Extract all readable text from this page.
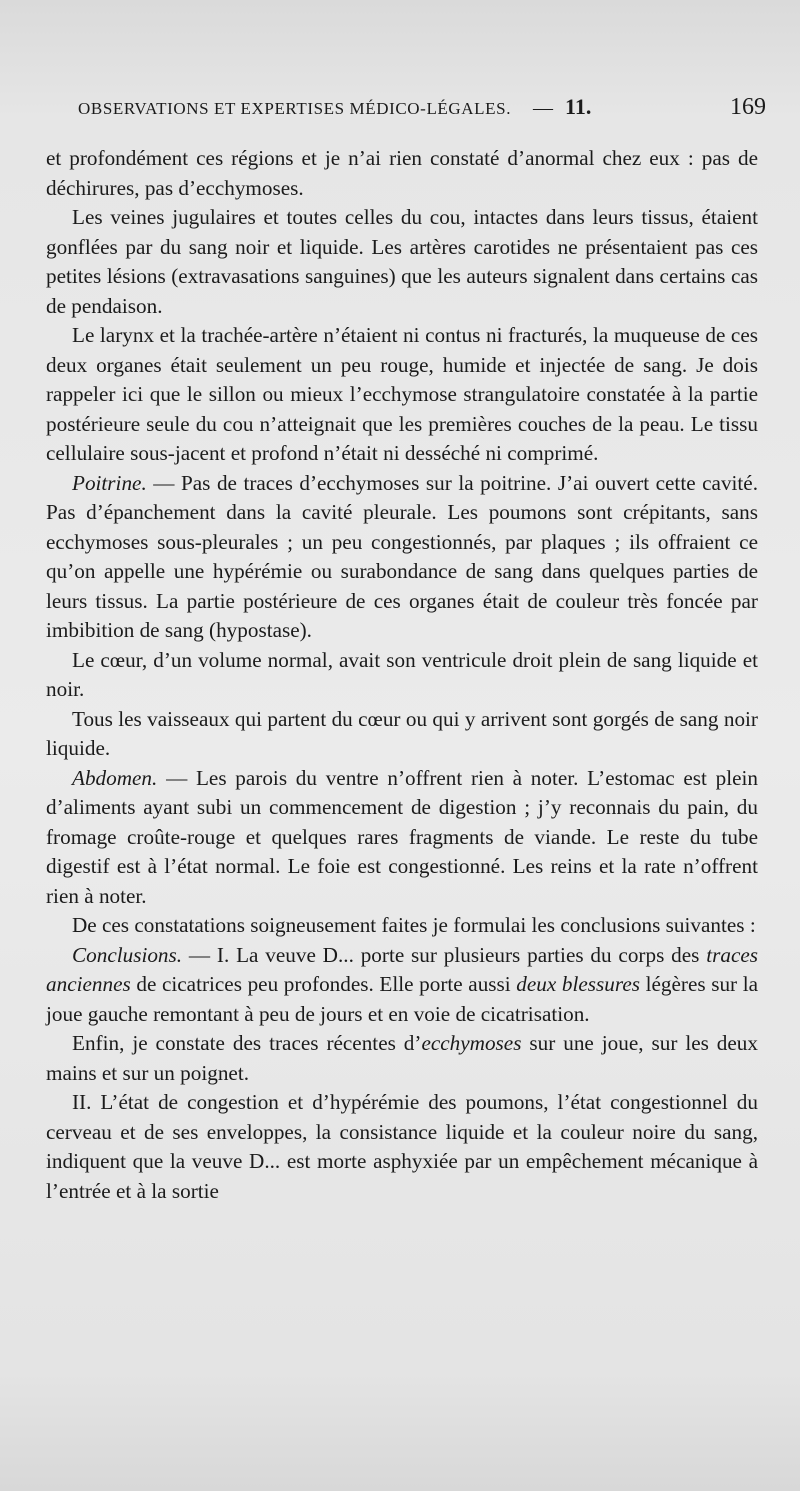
OBSERVATIONS ET EXPERTISES MÉDICO-LÉGALES. — 11.	169

et profondément ces régions et je n’ai rien constaté d’anormal chez eux : pas de déchirures, pas d’ecchymoses.

Les veines jugulaires et toutes celles du cou, intactes dans leurs tissus, étaient gonflées par du sang noir et liquide. Les artères carotides ne présentaient pas ces petites lésions (extravasations sanguines) que les auteurs signalent dans certains cas de pendaison.

Le larynx et la trachée-artère n’étaient ni contus ni fracturés, la muqueuse de ces deux organes était seulement un peu rouge, humide et injectée de sang. Je dois rappeler ici que le sillon ou mieux l’ecchymose strangulatoire constatée à la partie postérieure seule du cou n’atteignait que les premières couches de la peau. Le tissu cellulaire sous-jacent et profond n’était ni desséché ni comprimé.

Poitrine. — Pas de traces d’ecchymoses sur la poitrine. J’ai ouvert cette cavité. Pas d’épanchement dans la cavité pleurale. Les poumons sont crépitants, sans ecchymoses sous-pleurales ; un peu congestionnés, par plaques ; ils offraient ce qu’on appelle une hypérémie ou surabondance de sang dans quelques parties de leurs tissus. La partie postérieure de ces organes était de couleur très foncée par imbibition de sang (hypostase).

Le cœur, d’un volume normal, avait son ventricule droit plein de sang liquide et noir.

Tous les vaisseaux qui partent du cœur ou qui y arrivent sont gorgés de sang noir liquide.

Abdomen. — Les parois du ventre n’offrent rien à noter. L’estomac est plein d’aliments ayant subi un commencement de digestion ; j’y reconnais du pain, du fromage croûte-rouge et quelques rares fragments de viande. Le reste du tube digestif est à l’état normal. Le foie est congestionné. Les reins et la rate n’offrent rien à noter.

De ces constatations soigneusement faites je formulai les conclusions suivantes :

Conclusions. — I. La veuve D... porte sur plusieurs parties du corps des traces anciennes de cicatrices peu profondes. Elle porte aussi deux blessures légères sur la joue gauche remontant à peu de jours et en voie de cicatrisation.

Enfin, je constate des traces récentes d’ecchymoses sur une joue, sur les deux mains et sur un poignet.

II. L’état de congestion et d’hypérémie des poumons, l’état congestionnel du cerveau et de ses enveloppes, la consistance liquide et la couleur noire du sang, indiquent que la veuve D... est morte asphyxiée par un empêchement mécanique à l’entrée et à la sortie
